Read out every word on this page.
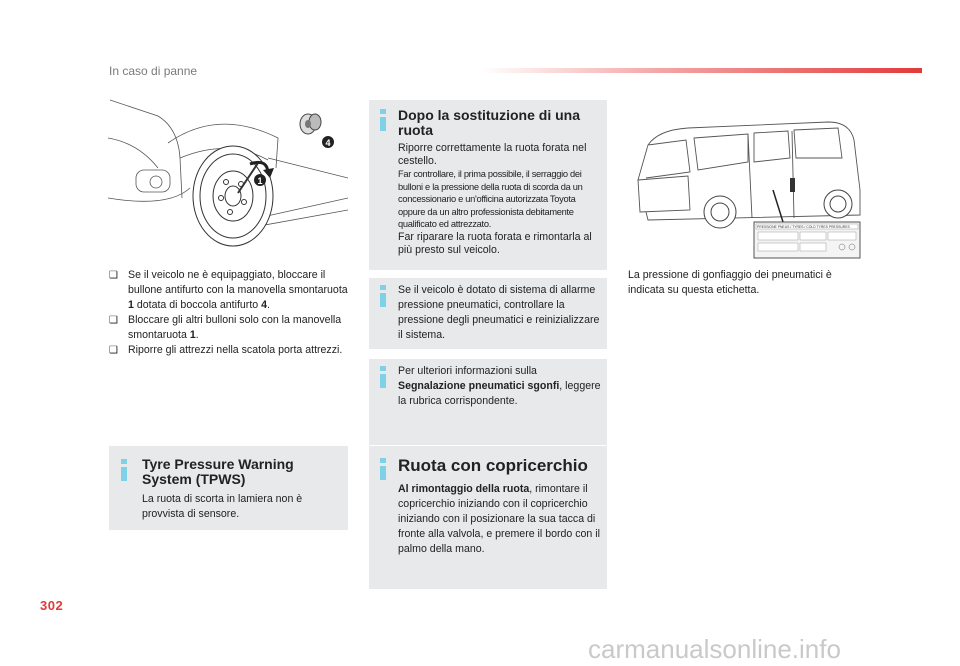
In caso di panne
4
1
❑ Se il veicolo ne è equipaggiato, bloccare il bullone antifurto con la manovella smontaruota 1 dotata di boccola antifurto 4.
❑ Bloccare gli altri bulloni solo con la manovella smontaruota 1.
❑ Riporre gli attrezzi nella scatola porta attrezzi.
Dopo la sostituzione di una ruota
Riporre correttamente la ruota forata nel cestello.
Far controllare, il prima possibile, il serraggio dei bulloni e la pressione della ruota di scorda da un concessionario e un'officina autorizzata Toyota oppure da un altro professionista debitamente qualificato ed attrezzato.
Far riparare la ruota forata e rimontarla al più presto sul veicolo.
Se il veicolo è dotato di sistema di allarme pressione pneumatici, controllare la pressione degli pneumatici e reinizializzare il sistema.
Per ulteriori informazioni sulla Segnalazione pneumatici sgonfi, leggere la rubrica corrispondente.
Tyre Pressure Warning System (TPWS)
La ruota di scorta in lamiera non è provvista di sensore.
Ruota con copricerchio
Al rimontaggio della ruota, rimontare il copricerchio iniziando con il copricerchio iniziando con il posizionare la sua tacca di fronte alla valvola, e premere il bordo con il palmo della mano.
PRESSIONE PNEUS / TYRES / COLD TYRES PRESSURES
La pressione di gonfiaggio dei pneumatici è indicata su questa etichetta.
302
carmanualsonline.info
